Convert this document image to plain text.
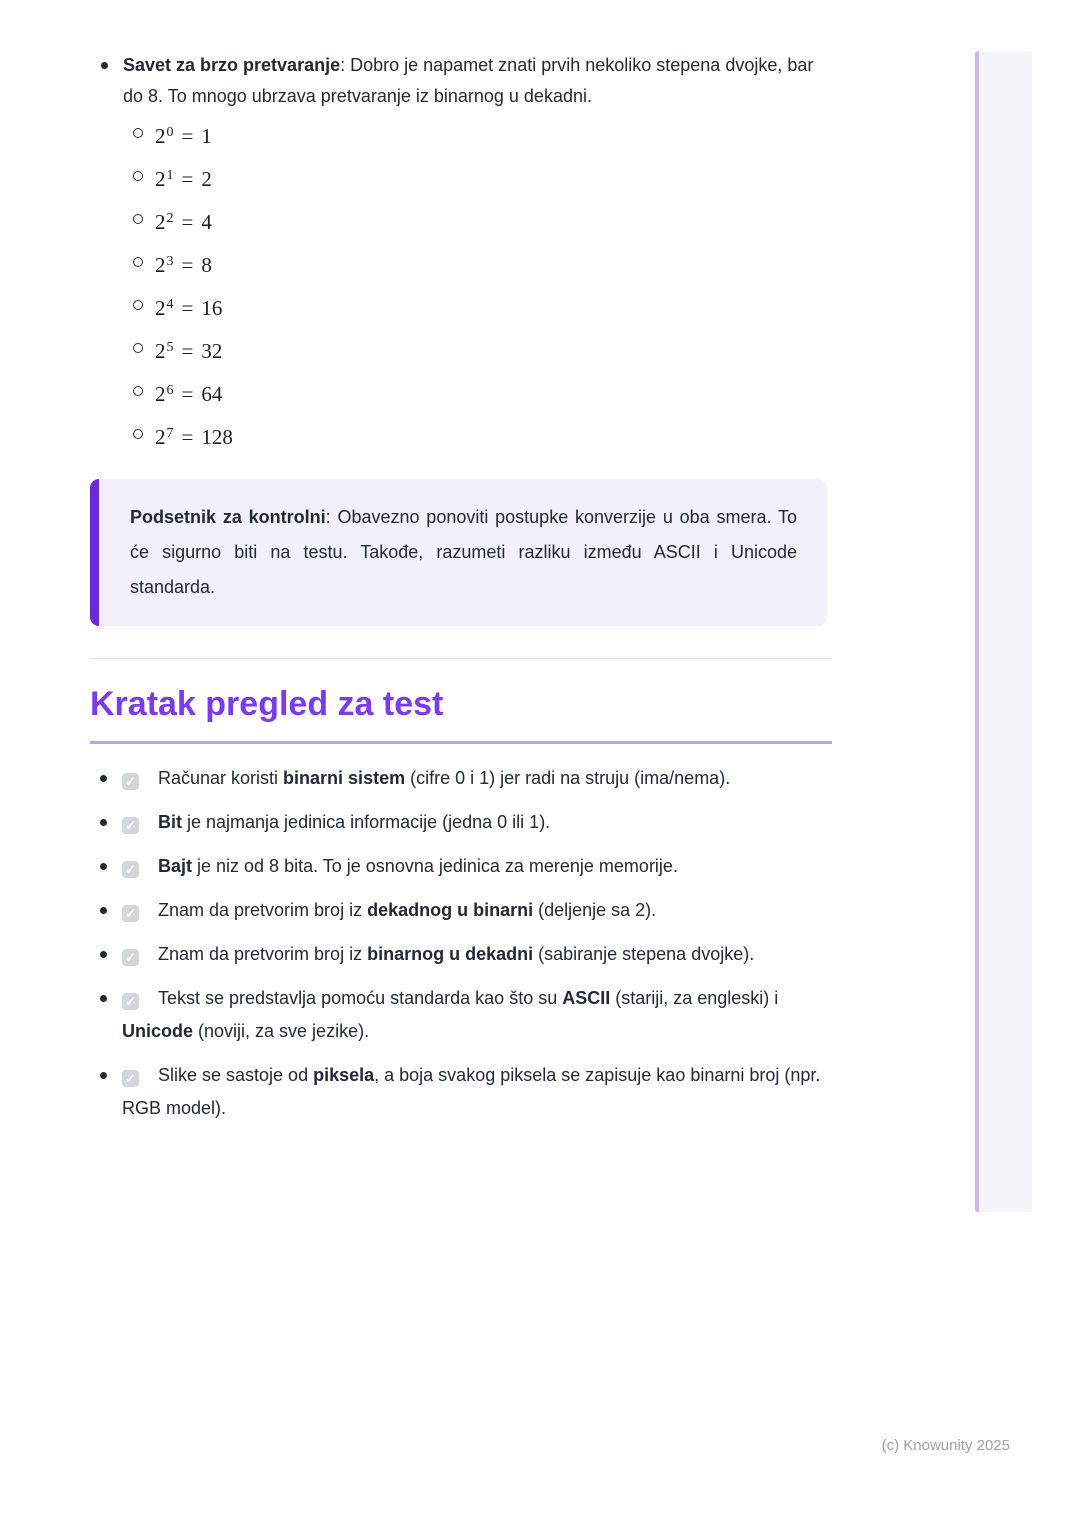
Savet za brzo pretvaranje: Dobro je napamet znati prvih nekoliko stepena dvojke, bar do 8. To mnogo ubrzava pretvaranje iz binarnog u dekadni.
$2^0 = 1$
$2^1 = 2$
$2^2 = 4$
$2^3 = 8$
$2^4 = 16$
$2^5 = 32$
$2^6 = 64$
$2^7 = 128$

Podsetnik za kontrolni: Obavezno ponoviti postupke konverzije u oba smera. To će sigurno biti na testu. Takođe, razumeti razliku između ASCII i Unicode standarda.

Kratak pregled za test
✓ Računar koristi binarni sistem (cifre 0 i 1) jer radi na struju (ima/nema).
✓ Bit je najmanja jedinica informacije (jedna 0 ili 1).
✓ Bajt je niz od 8 bita. To je osnovna jedinica za merenje memorije.
✓ Znam da pretvorim broj iz dekadnog u binarni (deljenje sa 2).
✓ Znam da pretvorim broj iz binarnog u dekadni (sabiranje stepena dvojke).
✓ Tekst se predstavlja pomoću standarda kao što su ASCII (stariji, za engleski) i Unicode (noviji, za sve jezike).
✓ Slike se sastoje od piksela, a boja svakog piksela se zapisuje kao binarni broj (npr. RGB model).
(c) Knowunity 2025
